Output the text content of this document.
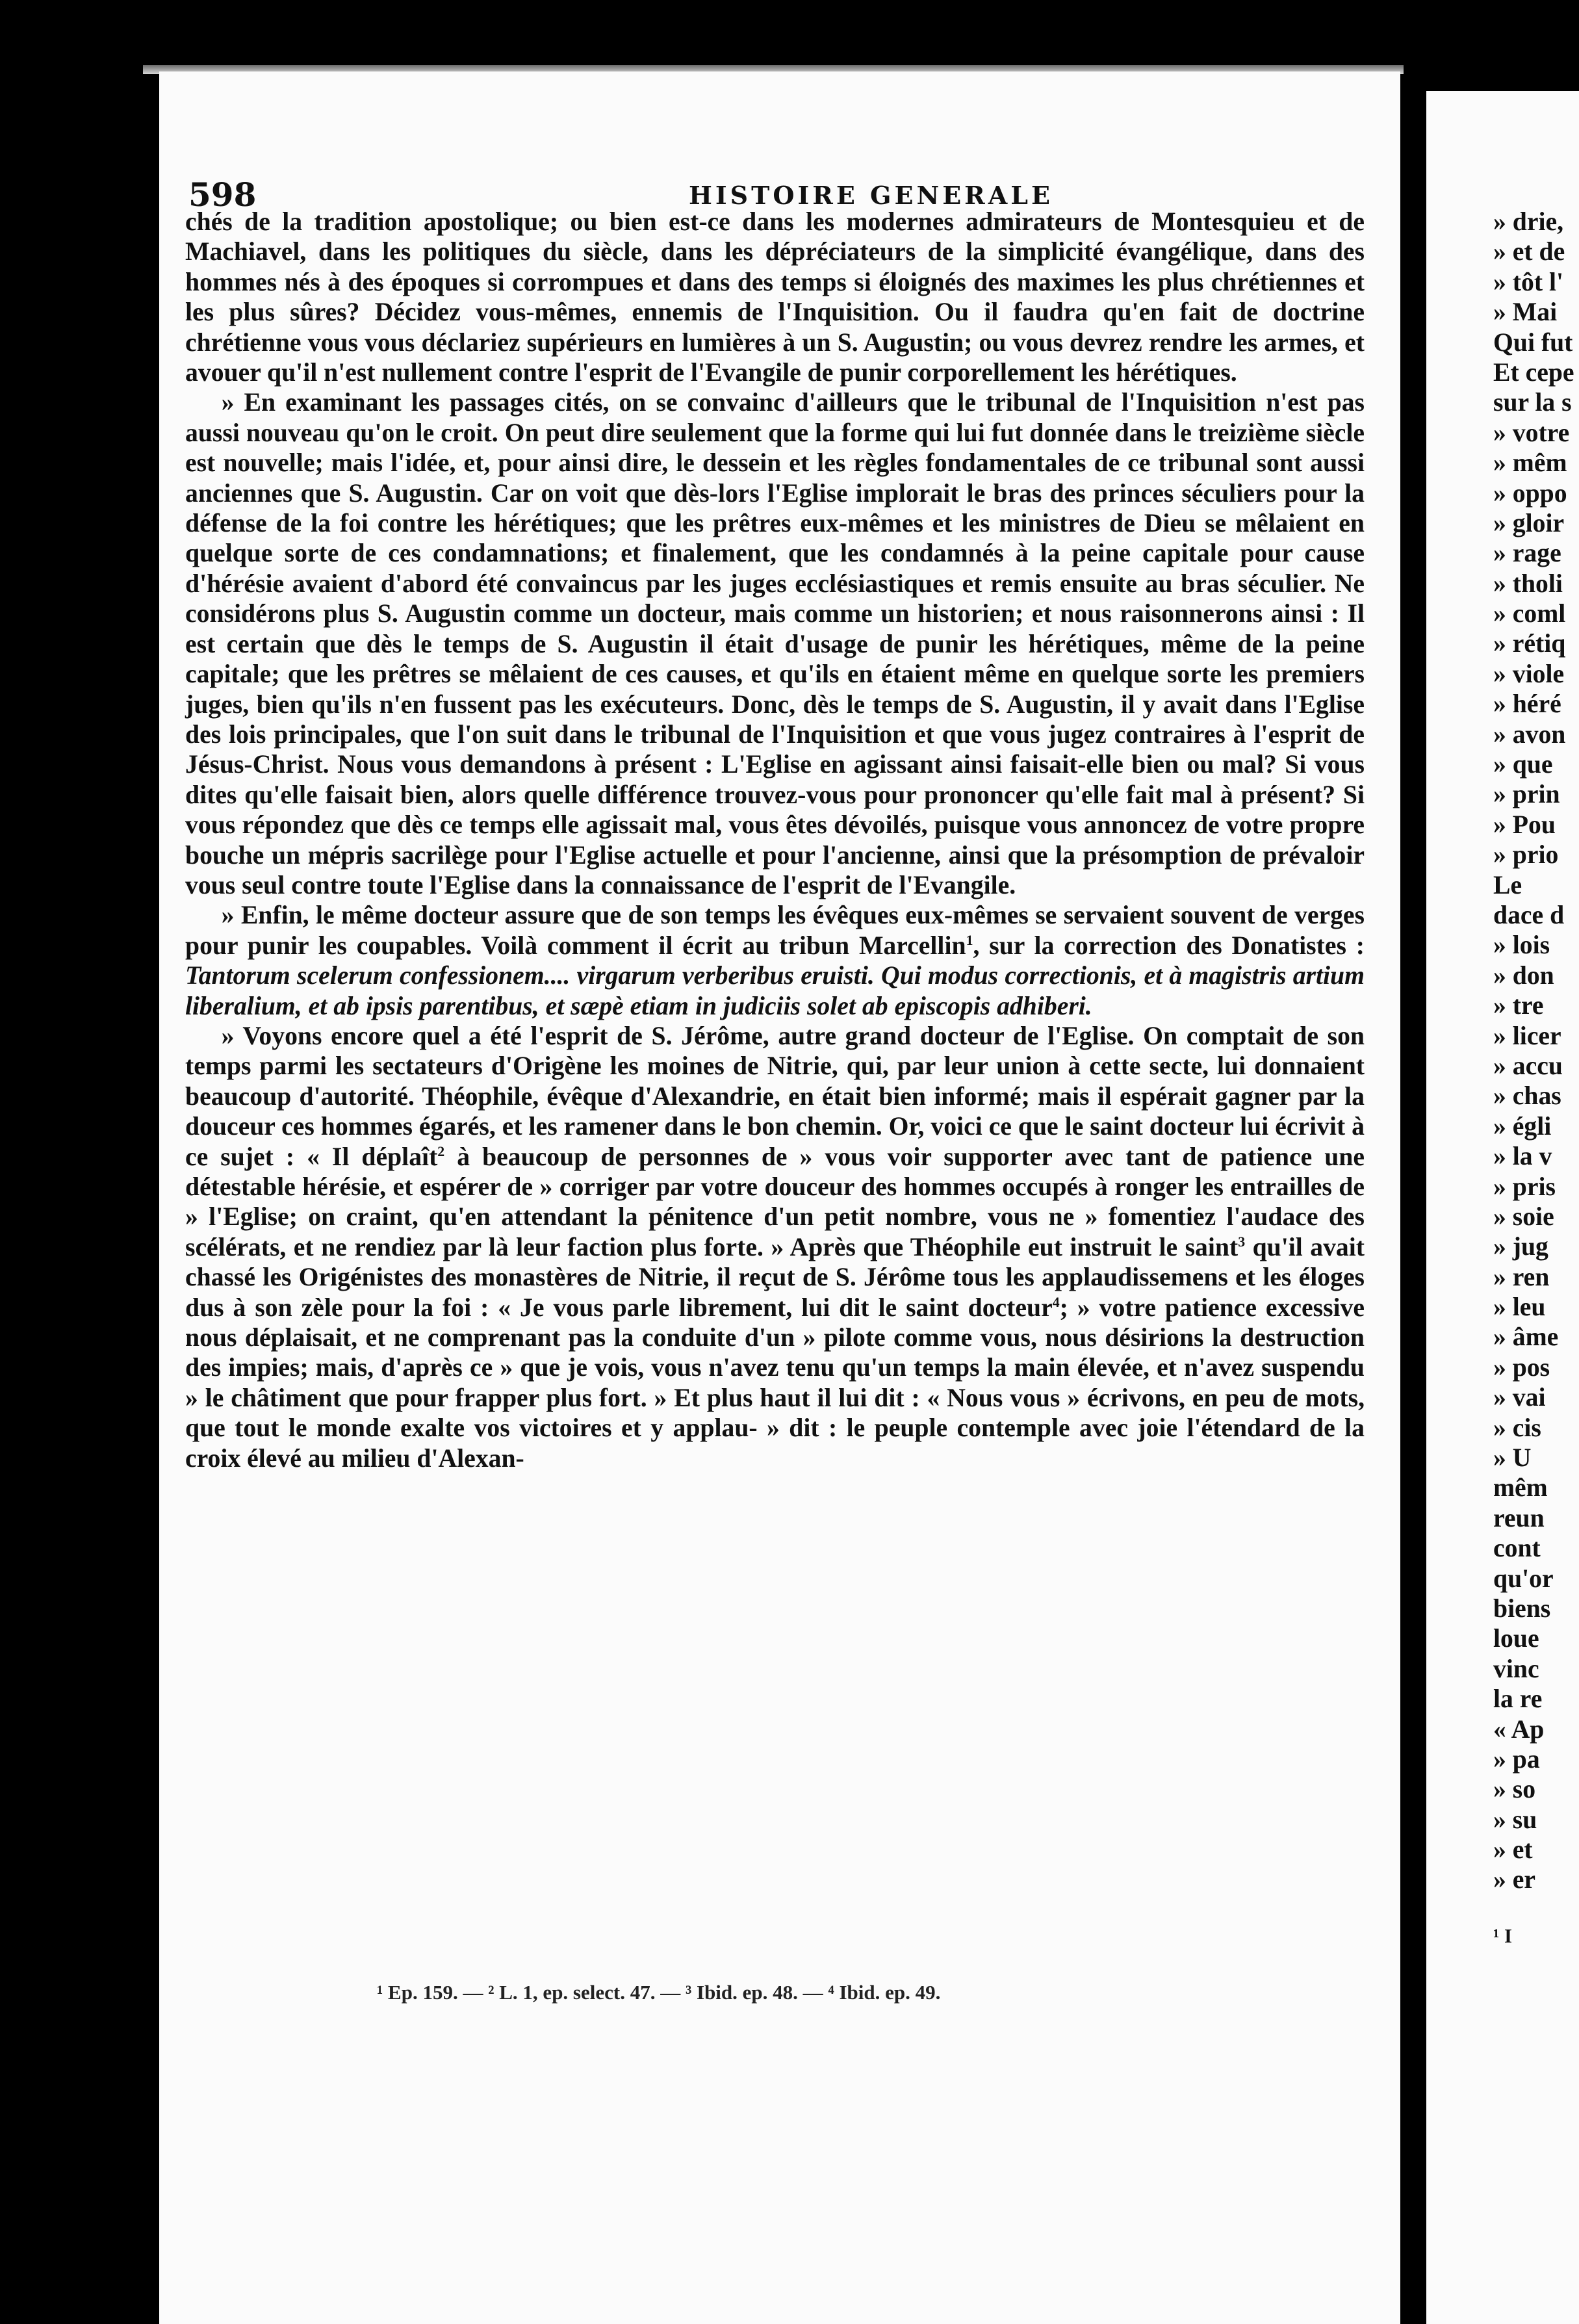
598	HISTOIRE GENERALE

chés de la tradition apostolique; ou bien est-ce dans les modernes admirateurs de Montesquieu et de Machiavel, dans les politiques du siècle, dans les dépréciateurs de la simplicité évangélique, dans des hommes nés à des époques si corrompues et dans des temps si éloignés des maximes les plus chrétiennes et les plus sûres? Décidez vous-mêmes, ennemis de l'Inquisition. Ou il faudra qu'en fait de doctrine chrétienne vous vous déclariez supérieurs en lumières à un S. Augustin; ou vous devrez rendre les armes, et avouer qu'il n'est nullement contre l'esprit de l'Evangile de punir corporellement les hérétiques.

» En examinant les passages cités, on se convainc d'ailleurs que le tribunal de l'Inquisition n'est pas aussi nouveau qu'on le croit. On peut dire seulement que la forme qui lui fut donnée dans le treizième siècle est nouvelle; mais l'idée, et, pour ainsi dire, le dessein et les règles fondamentales de ce tribunal sont aussi anciennes que S. Augustin. Car on voit que dès-lors l'Eglise implorait le bras des princes séculiers pour la défense de la foi contre les hérétiques; que les prêtres eux-mêmes et les ministres de Dieu se mêlaient en quelque sorte de ces condamnations; et finalement, que les condamnés à la peine capitale pour cause d'hérésie avaient d'abord été convaincus par les juges ecclésiastiques et remis ensuite au bras séculier. Ne considérons plus S. Augustin comme un docteur, mais comme un historien; et nous raisonnerons ainsi : Il est certain que dès le temps de S. Augustin il était d'usage de punir les hérétiques, même de la peine capitale; que les prêtres se mêlaient de ces causes, et qu'ils en étaient même en quelque sorte les premiers juges, bien qu'ils n'en fussent pas les exécuteurs. Donc, dès le temps de S. Augustin, il y avait dans l'Eglise des lois principales, que l'on suit dans le tribunal de l'Inquisition et que vous jugez contraires à l'esprit de Jésus-Christ. Nous vous demandons à présent : L'Eglise en agissant ainsi faisait-elle bien ou mal? Si vous dites qu'elle faisait bien, alors quelle différence trouvez-vous pour prononcer qu'elle fait mal à présent? Si vous répondez que dès ce temps elle agissait mal, vous êtes dévoilés, puisque vous annoncez de votre propre bouche un mépris sacrilège pour l'Eglise actuelle et pour l'ancienne, ainsi que la présomption de prévaloir vous seul contre toute l'Eglise dans la connaissance de l'esprit de l'Evangile.

» Enfin, le même docteur assure que de son temps les évêques eux-mêmes se servaient souvent de verges pour punir les coupables. Voilà comment il écrit au tribun Marcellin$^1$, sur la correction des Donatistes : Tantorum scelerum confessionem.... virgarum verberibus eruisti. Qui modus correctionis, et à magistris artium liberalium, et ab ipsis parentibus, et sæpè etiam in judiciis solet ab episcopis adhiberi.

» Voyons encore quel a été l'esprit de S. Jérôme, autre grand docteur de l'Eglise. On comptait de son temps parmi les sectateurs d'Origène les moines de Nitrie, qui, par leur union à cette secte, lui donnaient beaucoup d'autorité. Théophile, évêque d'Alexandrie, en était bien informé; mais il espérait gagner par la douceur ces hommes égarés, et les ramener dans le bon chemin. Or, voici ce que le saint docteur lui écrivit à ce sujet : « Il déplaît$^2$ à beaucoup de personnes de » vous voir supporter avec tant de patience une détestable hérésie, et espérer de » corriger par votre douceur des hommes occupés à ronger les entrailles de » l'Eglise; on craint, qu'en attendant la pénitence d'un petit nombre, vous ne » fomentiez l'audace des scélérats, et ne rendiez par là leur faction plus forte. » Après que Théophile eut instruit le saint$^3$ qu'il avait chassé les Origénistes des monastères de Nitrie, il reçut de S. Jérôme tous les applaudissemens et les éloges dus à son zèle pour la foi : « Je vous parle librement, lui dit le saint docteur$^4$; » votre patience excessive nous déplaisait, et ne comprenant pas la conduite d'un » pilote comme vous, nous désirions la destruction des impies; mais, d'après ce » que je vois, vous n'avez tenu qu'un temps la main élevée, et n'avez suspendu » le châtiment que pour frapper plus fort. » Et plus haut il lui dit : « Nous vous » écrivons, en peu de mots, que tout le monde exalte vos victoires et y applau- » dit : le peuple contemple avec joie l'étendard de la croix élevé au milieu d'Alexan-

¹ Ep. 159. — ² L. 1, ep. select. 47. — ³ Ibid. ep. 48. — ⁴ Ibid. ep. 49.
» drie,
» et de
» tôt l'
» Mai
Qui fut
Et cepe
sur la s
» votre
» mêm
» oppo
» gloir
» rage
» tholi
» coml
» rétiq
» viole
» héré
» avon
» que
» prin
» Pou
» prio
Le
dace d
» lois
» don
» tre
» licer
» accu
» chas
» égli
» la v
» pris
» soie
» jug
» ren
» leu
» âme
» pos
» vai
» cis
» U
mêm
reun
cont
qu'or
biens
loue
vinc
la re
« Ap
» pa
» so
» su
» et
» er
¹ I
